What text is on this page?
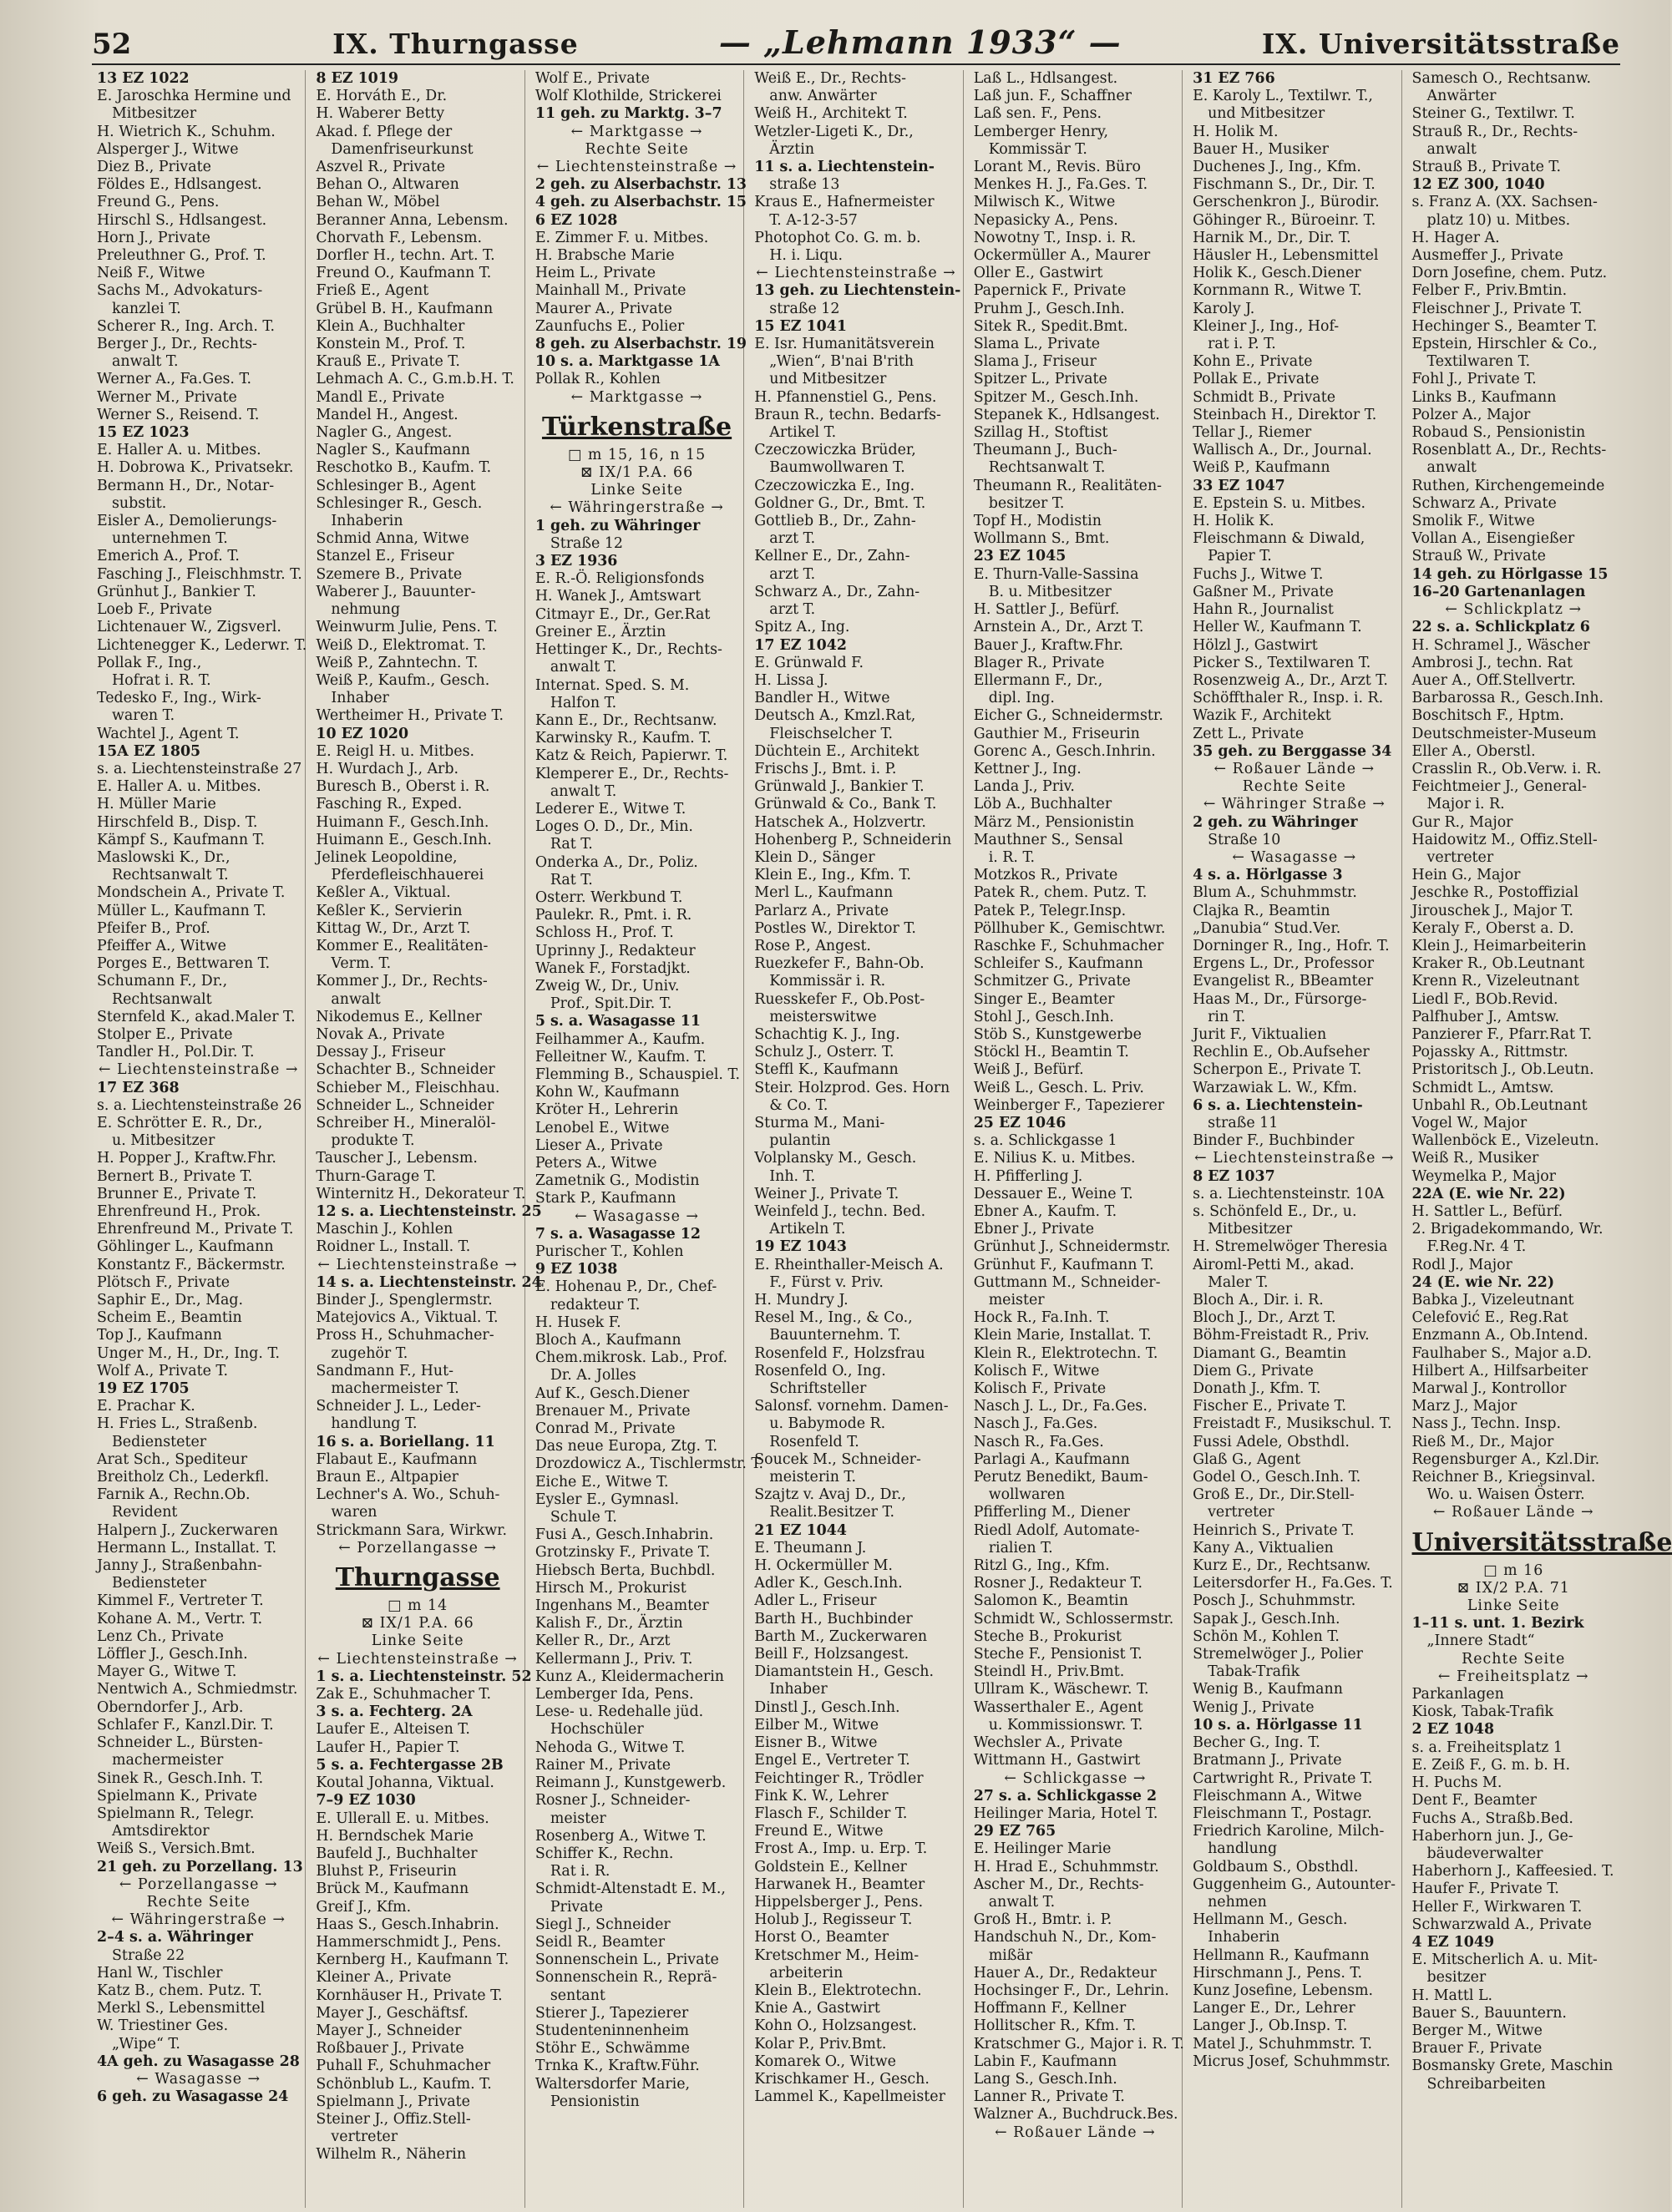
52	IX. Thurngasse	— „Lehmann 1933“ —	IX. Universitätsstraße
13 EZ 1022
E. Jaroschka Hermine und
Mitbesitzer
H. Wietrich K., Schuhm.
Alsperger J., Witwe
Diez B., Private
Földes E., Hdlsangest.
Freund G., Pens.
Hirschl S., Hdlsangest.
Horn J., Private
Preleuthner G., Prof. T.
Neiß F., Witwe
Sachs M., Advokaturs-
kanzlei T.
Scherer R., Ing. Arch. T.
Berger J., Dr., Rechts-
anwalt T.
Werner A., Fa.Ges. T.
Werner M., Private
Werner S., Reisend. T.
15 EZ 1023
E. Haller A. u. Mitbes.
H. Dobrowa K., Privatsekr.
Bermann H., Dr., Notar-
substit.
Eisler A., Demolierungs-
unternehmen T.
Emerich A., Prof. T.
Fasching J., Fleischhmstr. T.
Grünhut J., Bankier T.
Loeb F., Private
Lichtenauer W., Zigsverl.
Lichtenegger K., Lederwr. T.
Pollak F., Ing.,
Hofrat i. R. T.
Tedesko F., Ing., Wirk-
waren T.
Wachtel J., Agent T.
15A EZ 1805
s. a. Liechtensteinstraße 27
E. Haller A. u. Mitbes.
H. Müller Marie
Hirschfeld B., Disp. T.
Kämpf S., Kaufmann T.
Maslowski K., Dr.,
Rechtsanwalt T.
Mondschein A., Private T.
Müller L., Kaufmann T.
Pfeifer B., Prof.
Pfeiffer A., Witwe
Porges E., Bettwaren T.
Schumann F., Dr.,
Rechtsanwalt
Sternfeld K., akad.Maler T.
Stolper E., Private
Tandler H., Pol.Dir. T.
← Liechtensteinstraße →
17 EZ 368
s. a. Liechtensteinstraße 26
E. Schrötter E. R., Dr.,
u. Mitbesitzer
H. Popper J., Kraftw.Fhr.
Bernert B., Private T.
Brunner E., Private T.
Ehrenfreund H., Prok.
Ehrenfreund M., Private T.
Göhlinger L., Kaufmann
Konstantz F., Bäckermstr.
Plötsch F., Private
Saphir E., Dr., Mag.
Scheim E., Beamtin
Top J., Kaufmann
Unger M., H., Dr., Ing. T.
Wolf A., Private T.
19 EZ 1705
E. Prachar K.
H. Fries L., Straßenb.
Bediensteter
Arat Sch., Spediteur
Breitholz Ch., Lederkfl.
Farnik A., Rechn.Ob.
Revident
Halpern J., Zuckerwaren
Hermann L., Installat. T.
Janny J., Straßenbahn-
Bediensteter
Kimmel F., Vertreter T.
Kohane A. M., Vertr. T.
Lenz Ch., Private
Löffler J., Gesch.Inh.
Mayer G., Witwe T.
Nentwich A., Schmiedmstr.
Oberndorfer J., Arb.
Schlafer F., Kanzl.Dir. T.
Schneider L., Bürsten-
machermeister
Sinek R., Gesch.Inh. T.
Spielmann K., Private
Spielmann R., Telegr.
Amtsdirektor
Weiß S., Versich.Bmt.
21 geh. zu Porzellang. 13
← Porzellangasse →
Rechte Seite
← Währingerstraße →
2–4 s. a. Währinger
Straße 22
Hanl W., Tischler
Katz B., chem. Putz. T.
Merkl S., Lebensmittel
W. Triestiner Ges.
„Wipe“ T.
4A geh. zu Wasagasse 28
← Wasagasse →
6 geh. zu Wasagasse 24
8 EZ 1019
E. Horváth E., Dr.
H. Waberer Betty
Akad. f. Pflege der
Damenfriseurkunst
Aszvel R., Private
Behan O., Altwaren
Behan W., Möbel
Beranner Anna, Lebensm.
Chorvath F., Lebensm.
Dorfler H., techn. Art. T.
Freund O., Kaufmann T.
Frieß E., Agent
Grübel B. H., Kaufmann
Klein A., Buchhalter
Konstein M., Prof. T.
Krauß E., Private T.
Lehmach A. C., G.m.b.H. T.
Mandl E., Private
Mandel H., Angest.
Nagler G., Angest.
Nagler S., Kaufmann
Reschotko B., Kaufm. T.
Schlesinger B., Agent
Schlesinger R., Gesch.
Inhaberin
Schmid Anna, Witwe
Stanzel E., Friseur
Szemere B., Private
Waberer J., Bauunter-
nehmung
Weinwurm Julie, Pens. T.
Weiß D., Elektromat. T.
Weiß P., Zahntechn. T.
Weiß P., Kaufm., Gesch.
Inhaber
Wertheimer H., Private T.
10 EZ 1020
E. Reigl H. u. Mitbes.
H. Wurdach J., Arb.
Buresch B., Oberst i. R.
Fasching R., Exped.
Huimann F., Gesch.Inh.
Huimann E., Gesch.Inh.
Jelinek Leopoldine,
Pferdefleischhauerei
Keßler A., Viktual.
Keßler K., Servierin
Kittag W., Dr., Arzt T.
Kommer E., Realitäten-
Verm. T.
Kommer J., Dr., Rechts-
anwalt
Nikodemus E., Kellner
Novak A., Private
Dessay J., Friseur
Schachter B., Schneider
Schieber M., Fleischhau.
Schneider L., Schneider
Schreiber H., Mineralöl-
produkte T.
Tauscher J., Lebensm.
Thurn-Garage T.
Winternitz H., Dekorateur T.
12 s. a. Liechtensteinstr. 25
Maschin J., Kohlen
Roidner L., Install. T.
← Liechtensteinstraße →
14 s. a. Liechtensteinstr. 24
Binder J., Spenglermstr.
Matejovics A., Viktual. T.
Pross H., Schuhmacher-
zugehör T.
Sandmann F., Hut-
machermeister T.
Schneider J. L., Leder-
handlung T.
16 s. a. Boriellang. 11
Flabaut E., Kaufmann
Braun E., Altpapier
Lechner's A. Wo., Schuh-
waren
Strickmann Sara, Wirkwr.
← Porzellangasse →
Thurngasse
□ m 14
⊠ IX/1 P.A. 66
Linke Seite
← Liechtensteinstraße →
1 s. a. Liechtensteinstr. 52
Zak E., Schuhmacher T.
3 s. a. Fechterg. 2A
Laufer E., Alteisen T.
Laufer H., Papier T.
5 s. a. Fechtergasse 2B
Koutal Johanna, Viktual.
7–9 EZ 1030
E. Ullerall E. u. Mitbes.
H. Berndschek Marie
Baufeld J., Buchhalter
Bluhst P., Friseurin
Brück M., Kaufmann
Greif J., Kfm.
Haas S., Gesch.Inhabrin.
Hammerschmidt J., Pens.
Kernberg H., Kaufmann T.
Kleiner A., Private
Kornhäuser H., Private T.
Mayer J., Geschäftsf.
Mayer J., Schneider
Roßbauer J., Private
Puhall F., Schuhmacher
Schönblub L., Kaufm. T.
Spielmann J., Private
Steiner J., Offiz.Stell-
vertreter
Wilhelm R., Näherin
Wolf E., Private
Wolf Klothilde, Strickerei
11 geh. zu Marktg. 3–7
← Marktgasse →
Rechte Seite
← Liechtensteinstraße →
2 geh. zu Alserbachstr. 13
4 geh. zu Alserbachstr. 15
6 EZ 1028
E. Zimmer F. u. Mitbes.
H. Brabsche Marie
Heim L., Private
Mainhall M., Private
Maurer A., Private
Zaunfuchs E., Polier
8 geh. zu Alserbachstr. 19
10 s. a. Marktgasse 1A
Pollak R., Kohlen
← Marktgasse →
Türkenstraße
□ m 15, 16, n 15
⊠ IX/1 P.A. 66
Linke Seite
← Währingerstraße →
1 geh. zu Währinger
Straße 12
3 EZ 1936
E. R.-Ö. Religionsfonds
H. Wanek J., Amtswart
Citmayr E., Dr., Ger.Rat
Greiner E., Ärztin
Hettinger K., Dr., Rechts-
anwalt T.
Internat. Sped. S. M.
Halfon T.
Kann E., Dr., Rechtsanw.
Karwinsky R., Kaufm. T.
Katz & Reich, Papierwr. T.
Klemperer E., Dr., Rechts-
anwalt T.
Lederer E., Witwe T.
Loges O. D., Dr., Min.
Rat T.
Onderka A., Dr., Poliz.
Rat T.
Osterr. Werkbund T.
Paulekr. R., Pmt. i. R.
Schloss H., Prof. T.
Uprinny J., Redakteur
Wanek F., Forstadjkt.
Zweig W., Dr., Univ.
Prof., Spit.Dir. T.
5 s. a. Wasagasse 11
Feilhammer A., Kaufm.
Felleitner W., Kaufm. T.
Flemming B., Schauspiel. T.
Kohn W., Kaufmann
Kröter H., Lehrerin
Lenobel E., Witwe
Lieser A., Private
Peters A., Witwe
Zametnik G., Modistin
Stark P., Kaufmann
← Wasagasse →
7 s. a. Wasagasse 12
Purischer T., Kohlen
9 EZ 1038
E. Hohenau P., Dr., Chef-
redakteur T.
H. Husek F.
Bloch A., Kaufmann
Chem.mikrosk. Lab., Prof.
Dr. A. Jolles
Auf K., Gesch.Diener
Brenauer M., Private
Conrad M., Private
Das neue Europa, Ztg. T.
Drozdowicz A., Tischlermstr. T.
Eiche E., Witwe T.
Eysler E., Gymnasl.
Schule T.
Fusi A., Gesch.Inhabrin.
Grotzinsky F., Private T.
Hiebsch Berta, Buchbdl.
Hirsch M., Prokurist
Ingenhans M., Beamter
Kalish F., Dr., Ärztin
Keller R., Dr., Arzt
Kellermann J., Priv. T.
Kunz A., Kleidermacherin
Lemberger Ida, Pens.
Lese- u. Redehalle jüd.
Hochschüler
Nehoda G., Witwe T.
Rainer M., Private
Reimann J., Kunstgewerb.
Rosner J., Schneider-
meister
Rosenberg A., Witwe T.
Schiffer K., Rechn.
Rat i. R.
Schmidt-Altenstadt E. M.,
Private
Siegl J., Schneider
Seidl R., Beamter
Sonnenschein L., Private
Sonnenschein R., Reprä-
sentant
Stierer J., Tapezierer
Studenteninnenheim
Stöhr E., Schwämme
Trnka K., Kraftw.Führ.
Waltersdorfer Marie,
Pensionistin
Weiß E., Dr., Rechts-
anw. Anwärter
Weiß H., Architekt T.
Wetzler-Ligeti K., Dr.,
Ärztin
11 s. a. Liechtenstein-
straße 13
Kraus E., Hafnermeister
T. A-12-3-57
Photophot Co. G. m. b.
H. i. Liqu.
← Liechtensteinstraße →
13 geh. zu Liechtenstein-
straße 12
15 EZ 1041
E. Isr. Humanitätsverein
„Wien“, B'nai B'rith
und Mitbesitzer
H. Pfannenstiel G., Pens.
Braun R., techn. Bedarfs-
Artikel T.
Czeczowiczka Brüder,
Baumwollwaren T.
Czeczowiczka E., Ing.
Goldner G., Dr., Bmt. T.
Gottlieb B., Dr., Zahn-
arzt T.
Kellner E., Dr., Zahn-
arzt T.
Schwarz A., Dr., Zahn-
arzt T.
Spitz A., Ing.
17 EZ 1042
E. Grünwald F.
H. Lissa J.
Bandler H., Witwe
Deutsch A., Kmzl.Rat,
Fleischselcher T.
Düchtein E., Architekt
Frischs J., Bmt. i. P.
Grünwald J., Bankier T.
Grünwald & Co., Bank T.
Hatschek A., Holzvertr.
Hohenberg P., Schneiderin
Klein D., Sänger
Klein E., Ing., Kfm. T.
Merl L., Kaufmann
Parlarz A., Private
Postles W., Direktor T.
Rose P., Angest.
Ruezkefer F., Bahn-Ob.
Kommissär i. R.
Ruesskefer F., Ob.Post-
meisterswitwe
Schachtig K. J., Ing.
Schulz J., Osterr. T.
Steffl K., Kaufmann
Steir. Holzprod. Ges. Horn
& Co. T.
Sturma M., Mani-
pulantin
Volplansky M., Gesch.
Inh. T.
Weiner J., Private T.
Weinfeld J., techn. Bed.
Artikeln T.
19 EZ 1043
E. Rheinthaller-Meisch A.
F., Fürst v. Priv.
H. Mundry J.
Resel M., Ing., & Co.,
Bauunternehm. T.
Rosenfeld F., Holzsfrau
Rosenfeld O., Ing.
Schriftsteller
Salonsf. vornehm. Damen-
u. Babymode R.
Rosenfeld T.
Soucek M., Schneider-
meisterin T.
Szajtz v. Avaj D., Dr.,
Realit.Besitzer T.
21 EZ 1044
E. Theumann J.
H. Ockermüller M.
Adler K., Gesch.Inh.
Adler L., Friseur
Barth H., Buchbinder
Barth M., Zuckerwaren
Beill F., Holzsangest.
Diamantstein H., Gesch.
Inhaber
Dinstl J., Gesch.Inh.
Eilber M., Witwe
Eisner B., Witwe
Engel E., Vertreter T.
Feichtinger R., Trödler
Fink K. W., Lehrer
Flasch F., Schilder T.
Freund E., Witwe
Frost A., Imp. u. Erp. T.
Goldstein E., Kellner
Harwanek H., Beamter
Hippelsberger J., Pens.
Holub J., Regisseur T.
Horst O., Beamter
Kretschmer M., Heim-
arbeiterin
Klein B., Elektrotechn.
Knie A., Gastwirt
Kohn O., Holzsangest.
Kolar P., Priv.Bmt.
Komarek O., Witwe
Krischkamer H., Gesch.
Lammel K., Kapellmeister
Laß L., Hdlsangest.
Laß jun. F., Schaffner
Laß sen. F., Pens.
Lemberger Henry,
Kommissär T.
Lorant M., Revis. Büro
Menkes H. J., Fa.Ges. T.
Milwisch K., Witwe
Nepasicky A., Pens.
Nowotny T., Insp. i. R.
Ockermüller A., Maurer
Oller E., Gastwirt
Papernick F., Private
Pruhm J., Gesch.Inh.
Sitek R., Spedit.Bmt.
Slama L., Private
Slama J., Friseur
Spitzer L., Private
Spitzer M., Gesch.Inh.
Stepanek K., Hdlsangest.
Szillag H., Stoftist
Theumann J., Buch-
Rechtsanwalt T.
Theumann R., Realitäten-
besitzer T.
Topf H., Modistin
Wollmann S., Bmt.
23 EZ 1045
E. Thurn-Valle-Sassina
B. u. Mitbesitzer
H. Sattler J., Befürf.
Arnstein A., Dr., Arzt T.
Bauer J., Kraftw.Fhr.
Blager R., Private
Ellermann F., Dr.,
dipl. Ing.
Eicher G., Schneidermstr.
Gauthier M., Friseurin
Gorenc A., Gesch.Inhrin.
Kettner J., Ing.
Landa J., Priv.
Löb A., Buchhalter
März M., Pensionistin
Mauthner S., Sensal
i. R. T.
Motzkos R., Private
Patek R., chem. Putz. T.
Patek P., Telegr.Insp.
Pöllhuber K., Gemischtwr.
Raschke F., Schuhmacher
Schleifer S., Kaufmann
Schmitzer G., Private
Singer E., Beamter
Stohl J., Gesch.Inh.
Stöb S., Kunstgewerbe
Stöckl H., Beamtin T.
Weiß J., Befürf.
Weiß L., Gesch. L. Priv.
Weinberger F., Tapezierer
25 EZ 1046
s. a. Schlickgasse 1
E. Nilius K. u. Mitbes.
H. Pfifferling J.
Dessauer E., Weine T.
Ebner A., Kaufm. T.
Ebner J., Private
Grünhut J., Schneidermstr.
Grünhut F., Kaufmann T.
Guttmann M., Schneider-
meister
Hock R., Fa.Inh. T.
Klein Marie, Installat. T.
Klein R., Elektrotechn. T.
Kolisch F., Witwe
Kolisch F., Private
Nasch J. L., Dr., Fa.Ges.
Nasch J., Fa.Ges.
Nasch R., Fa.Ges.
Parlagi A., Kaufmann
Perutz Benedikt, Baum-
wollwaren
Pfifferling M., Diener
Riedl Adolf, Automate-
rialien T.
Ritzl G., Ing., Kfm.
Rosner J., Redakteur T.
Salomon K., Beamtin
Schmidt W., Schlossermstr.
Steche B., Prokurist
Steche F., Pensionist T.
Steindl H., Priv.Bmt.
Ullram K., Wäschewr. T.
Wasserthaler E., Agent
u. Kommissionswr. T.
Wechsler A., Private
Wittmann H., Gastwirt
← Schlickgasse →
27 s. a. Schlickgasse 2
Heilinger Maria, Hotel T.
29 EZ 765
E. Heilinger Marie
H. Hrad E., Schuhmmstr.
Ascher M., Dr., Rechts-
anwalt T.
Groß H., Bmtr. i. P.
Handschuh N., Dr., Kom-
mißär
Hauer A., Dr., Redakteur
Hochsinger F., Dr., Lehrin.
Hoffmann F., Kellner
Hollitscher R., Kfm. T.
Kratschmer G., Major i. R. T.
Labin F., Kaufmann
Lang S., Gesch.Inh.
Lanner R., Private T.
Walzner A., Buchdruck.Bes.
← Roßauer Lände →
31 EZ 766
E. Karoly L., Textilwr. T.,
und Mitbesitzer
H. Holik M.
Bauer H., Musiker
Duchenes J., Ing., Kfm.
Fischmann S., Dr., Dir. T.
Gerschenkron J., Bürodir.
Göhinger R., Büroeinr. T.
Harnik M., Dr., Dir. T.
Häusler H., Lebensmittel
Holik K., Gesch.Diener
Kornmann R., Witwe T.
Karoly J.
Kleiner J., Ing., Hof-
rat i. P. T.
Kohn E., Private
Pollak E., Private
Schmidt B., Private
Steinbach H., Direktor T.
Tellar J., Riemer
Wallisch A., Dr., Journal.
Weiß P., Kaufmann
33 EZ 1047
E. Epstein S. u. Mitbes.
H. Holik K.
Fleischmann & Diwald,
Papier T.
Fuchs J., Witwe T.
Gaßner M., Private
Hahn R., Journalist
Heller W., Kaufmann T.
Hölzl J., Gastwirt
Picker S., Textilwaren T.
Rosenzweig A., Dr., Arzt T.
Schöffthaler R., Insp. i. R.
Wazik F., Architekt
Zett L., Private
35 geh. zu Berggasse 34
← Roßauer Lände →
Rechte Seite
← Währinger Straße →
2 geh. zu Währinger
Straße 10
← Wasagasse →
4 s. a. Hörlgasse 3
Blum A., Schuhmmstr.
Clajka R., Beamtin
„Danubia“ Stud.Ver.
Dorninger R., Ing., Hofr. T.
Ergens L., Dr., Professor
Evangelist R., BBeamter
Haas M., Dr., Fürsorge-
rin T.
Jurit F., Viktualien
Rechlin E., Ob.Aufseher
Scherpon E., Private T.
Warzawiak L. W., Kfm.
6 s. a. Liechtenstein-
straße 11
Binder F., Buchbinder
← Liechtensteinstraße →
8 EZ 1037
s. a. Liechtensteinstr. 10A
s. Schönfeld E., Dr., u.
Mitbesitzer
H. Stremelwöger Theresia
Airoml-Petti M., akad.
Maler T.
Bloch A., Dir. i. R.
Bloch J., Dr., Arzt T.
Böhm-Freistadt R., Priv.
Diamant G., Beamtin
Diem G., Private
Donath J., Kfm. T.
Fischer E., Private T.
Freistadt F., Musikschul. T.
Fussi Adele, Obsthdl.
Glaß G., Agent
Godel O., Gesch.Inh. T.
Groß E., Dr., Dir.Stell-
vertreter
Heinrich S., Private T.
Kany A., Viktualien
Kurz E., Dr., Rechtsanw.
Leitersdorfer H., Fa.Ges. T.
Posch J., Schuhmmstr.
Sapak J., Gesch.Inh.
Schön M., Kohlen T.
Stremelwöger J., Polier
Tabak-Trafik
Wenig B., Kaufmann
Wenig J., Private
10 s. a. Hörlgasse 11
Becher G., Ing. T.
Bratmann J., Private
Cartwright R., Private T.
Fleischmann A., Witwe
Fleischmann T., Postagr.
Friedrich Karoline, Milch-
handlung
Goldbaum S., Obsthdl.
Guggenheim G., Autounter-
nehmen
Hellmann M., Gesch.
Inhaberin
Hellmann R., Kaufmann
Hirschmann J., Pens. T.
Kunz Josefine, Lebensm.
Langer E., Dr., Lehrer
Langer J., Ob.Insp. T.
Matel J., Schuhmmstr. T.
Micrus Josef, Schuhmmstr.
Samesch O., Rechtsanw.
Anwärter
Steiner G., Textilwr. T.
Strauß R., Dr., Rechts-
anwalt
Strauß B., Private T.
12 EZ 300, 1040
s. Franz A. (XX. Sachsen-
platz 10) u. Mitbes.
H. Hager A.
Ausmeffer J., Private
Dorn Josefine, chem. Putz.
Felber F., Priv.Bmtin.
Fleischner J., Private T.
Hechinger S., Beamter T.
Epstein, Hirschler & Co.,
Textilwaren T.
Fohl J., Private T.
Links B., Kaufmann
Polzer A., Major
Robaud S., Pensionistin
Rosenblatt A., Dr., Rechts-
anwalt
Ruthen, Kirchengemeinde
Schwarz A., Private
Smolik F., Witwe
Vollan A., Eisengießer
Strauß W., Private
14 geh. zu Hörlgasse 15
16–20 Gartenanlagen
← Schlickplatz →
22 s. a. Schlickplatz 6
H. Schramel J., Wäscher
Ambrosi J., techn. Rat
Auer A., Off.Stellvertr.
Barbarossa R., Gesch.Inh.
Boschitsch F., Hptm.
Deutschmeister-Museum
Eller A., Oberstl.
Crasslin R., Ob.Verw. i. R.
Feichtmeier J., General-
Major i. R.
Gur R., Major
Haidowitz M., Offiz.Stell-
vertreter
Hein G., Major
Jeschke R., Postoffizial
Jirouschek J., Major T.
Keraly F., Oberst a. D.
Klein J., Heimarbeiterin
Kraker R., Ob.Leutnant
Krenn R., Vizeleutnant
Liedl F., BOb.Revid.
Palfhuber J., Amtsw.
Panzierer F., Pfarr.Rat T.
Pojassky A., Rittmstr.
Pristoritsch J., Ob.Leutn.
Schmidt L., Amtsw.
Unbahl R., Ob.Leutnant
Vogel W., Major
Wallenböck E., Vizeleutn.
Weiß R., Musiker
Weymelka P., Major
22A (E. wie Nr. 22)
H. Sattler L., Befürf.
2. Brigadekommando, Wr.
F.Reg.Nr. 4 T.
Rodl J., Major
24 (E. wie Nr. 22)
Babka J., Vizeleutnant
Celefović E., Reg.Rat
Enzmann A., Ob.Intend.
Faulhaber S., Major a.D.
Hilbert A., Hilfsarbeiter
Marwal J., Kontrollor
Marz J., Major
Nass J., Techn. Insp.
Rieß M., Dr., Major
Regensburger A., Kzl.Dir.
Reichner B., Kriegsinval.
Wo. u. Waisen Österr.
← Roßauer Lände →
Universitätsstraße
□ m 16
⊠ IX/2 P.A. 71
Linke Seite
1–11 s. unt. 1. Bezirk
„Innere Stadt“
Rechte Seite
← Freiheitsplatz →
Parkanlagen
Kiosk, Tabak-Trafik
2 EZ 1048
s. a. Freiheitsplatz 1
E. Zeiß F., G. m. b. H.
H. Puchs M.
Dent F., Beamter
Fuchs A., Straßb.Bed.
Haberhorn jun. J., Ge-
bäudeverwalter
Haberhorn J., Kaffeesied. T.
Haufer F., Private T.
Heller F., Wirkwaren T.
Schwarzwald A., Private
4 EZ 1049
E. Mitscherlich A. u. Mit-
besitzer
H. Mattl L.
Bauer S., Bauuntern.
Berger M., Witwe
Brauer F., Private
Bosmansky Grete, Maschin
Schreibarbeiten
